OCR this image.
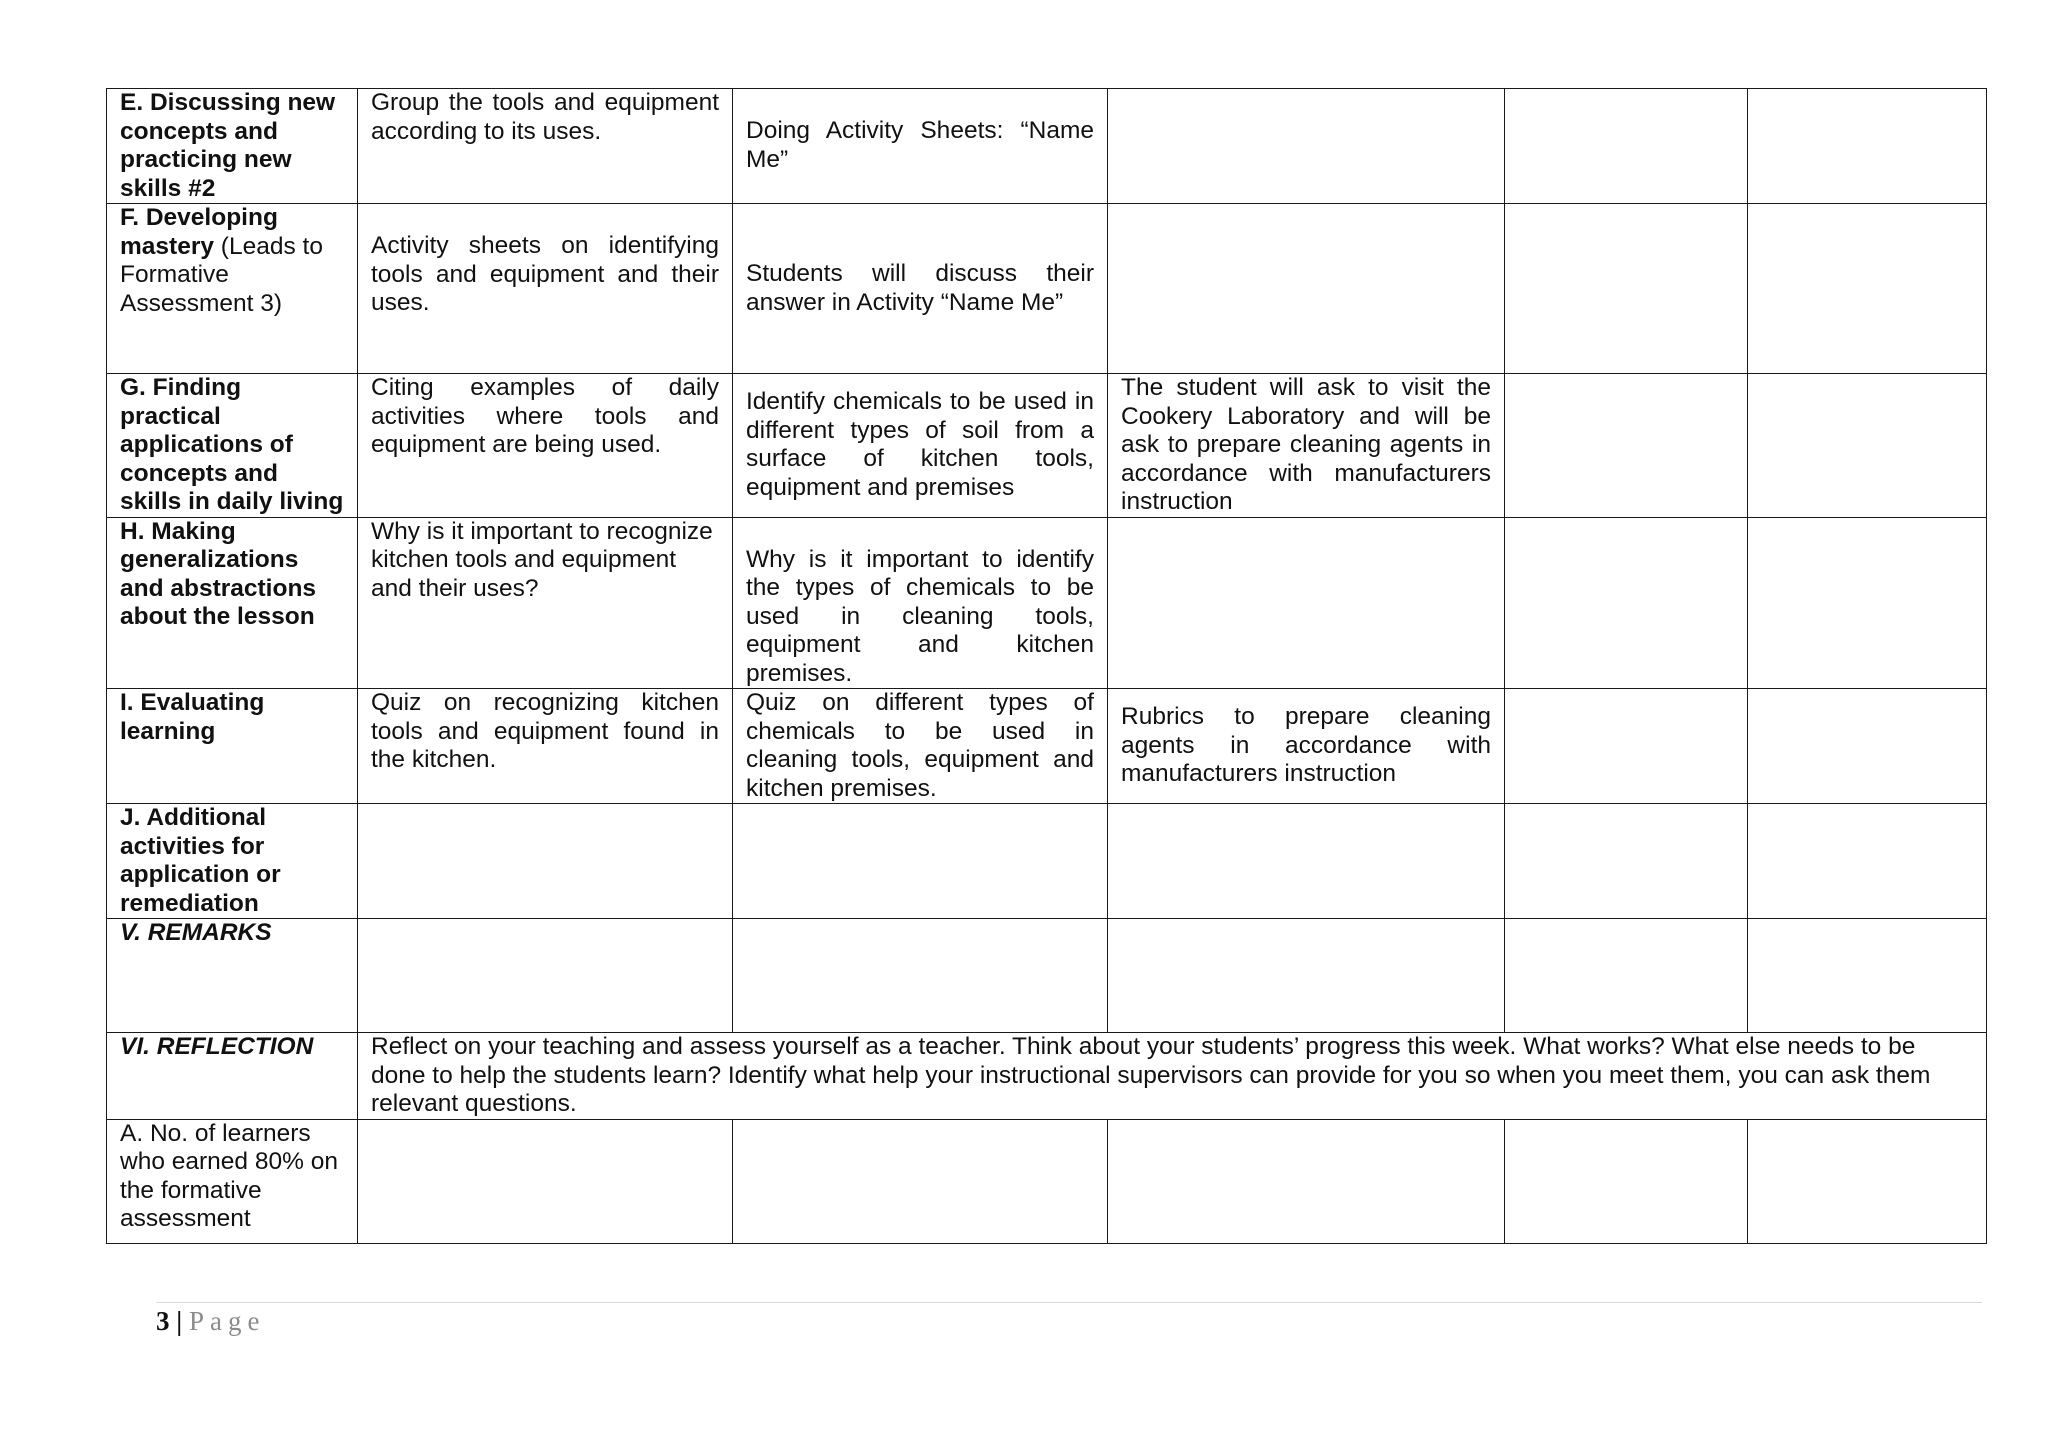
E. Discussing new concepts and practicing new skills #2	Group the tools and equipment according to its uses.	Doing Activity Sheets: “Name Me”			
F. Developing mastery (Leads to Formative Assessment 3)	Activity sheets on identifying tools and equipment and their uses.	Students will discuss their answer in Activity “Name Me”			
G. Finding practical applications of concepts and skills in daily living	Citing examples of daily activities where tools and equipment are being used.	Identify chemicals to be used in different types of soil from a surface of kitchen tools, equipment and premises	The student will ask to visit the Cookery Laboratory and will be ask to prepare cleaning agents in accordance with manufacturers instruction		
H. Making generalizations and abstractions about the lesson	Why is it important to recognize kitchen tools and equipment and their uses?	Why is it important to identify the types of chemicals to be used in cleaning tools, equipment and kitchen premises.			
I. Evaluating learning	Quiz on recognizing kitchen tools and equipment found in the kitchen.	Quiz on different types of chemicals to be used in cleaning tools, equipment and kitchen premises.	Rubrics to prepare cleaning agents in accordance with manufacturers instruction		
J. Additional activities for application or remediation					
V. REMARKS					
VI. REFLECTION	Reflect on your teaching and assess yourself as a teacher. Think about your students’ progress this week. What works? What else needs to be done to help the students learn? Identify what help your instructional supervisors can provide for you so when you meet them, you can ask them relevant questions.				
A. No. of learners who earned 80% on the formative assessment					
3 | Page
